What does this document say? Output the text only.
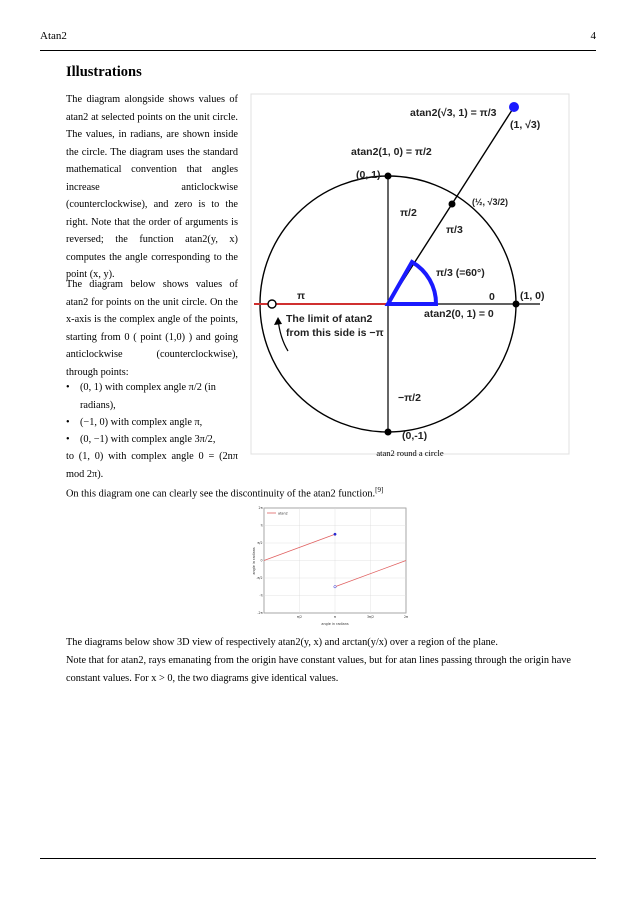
Atan2	4
Illustrations

The diagram alongside shows values of atan2 at selected points on the unit circle. The values, in radians, are shown inside the circle. The diagram uses the standard mathematical convention that angles increase anticlockwise (counterclockwise), and zero is to the right. Note that the order of arguments is reversed; the function atan2(y, x) computes the angle corresponding to the point (x, y).

The diagram below shows values of atan2 for points on the unit circle. On the x-axis is the complex angle of the points, starting from 0 ( point (1,0) ) and going anticlockwise (counterclockwise), through points:

• (0, 1) with complex angle π/2 (in radians),
• (−1, 0) with complex angle π,
• (0, −1) with complex angle 3π/2,

to (1, 0) with complex angle 0 = (2nπ mod 2π).

On this diagram one can clearly see the discontinuity of the atan2 function.[9]
atan2(√3, 1) = π/3
(1, √3)
atan2(1, 0) = π/2
(0, 1)
(½, √3/2)
π/2
π/3
π/3 (=60°)
0 (1, 0)
π
The limit of atan2
from this side is −π
atan2(0, 1) = 0
−π/2
(0,-1)
atan2 round a circle
π/2	π	3π/2	2π
2π
π
π/2
0
-π/2
-π
-2π
atan2
angle in radians
angle in radians
The diagrams below show 3D view of respectively atan2(y, x) and arctan(y/x) over a region of the plane.
Note that for atan2, rays emanating from the origin have constant values, but for atan lines passing through the origin have constant values. For x > 0, the two diagrams give identical values.
